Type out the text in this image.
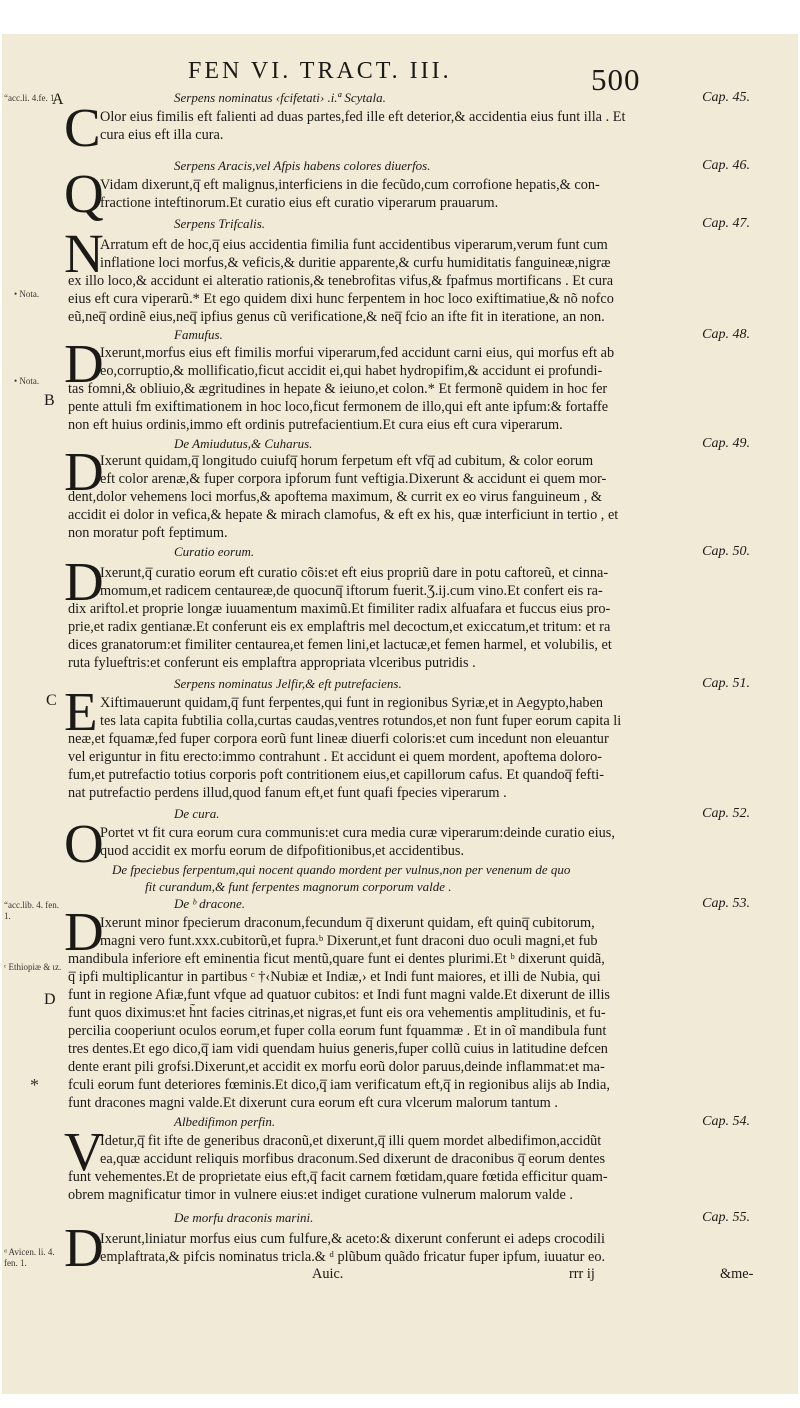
FEN VI. TRACT. III.	500
“acc.li. 4.fe. 1.
A
• Nota.
• Nota.
B
“acc.lib. 4. fen. 1.
ᶜ Ethiopiæ & ιz.
D
*
ᵈ Avicen. li. 4. fen. 1.
Serpens nominatus ‹fcifetati› .i.ª Scytala.	Cap. 45.
C Olor eius fimilis eft falienti ad duas partes,fed ille eft deterior,& accidentia eius funt illa . Et
cura eius eft illa cura.
Serpens Aracis,vel Afpis habens colores diuerfos.	Cap. 46.
Q
Vidam dixerunt,q̅ eft malignus,interficiens in die fecũdo,cum corrofione hepatis,& con-
fractione inteftinorum.Et curatio eius eft curatio viperarum prauarum.
Serpens Trifcalis.	Cap. 47.
N
Arratum eft de hoc,q̅ eius accidentia fimilia funt accidentibus viperarum,verum funt cum
inflatione loci morfus,& veficis,& duritie apparente,& curfu humiditatis fanguineæ,nigræ
ex illo loco,& accidunt ei alteratio rationis,& tenebrofitas vifus,& fpafmus mortificans . Et cura
eius eft cura viperarũ.* Et ego quidem dixi hunc ferpentem in hoc loco exiftimatiue,& nõ nofco
eũ,neq̅ ordinẽ eius,neq̅ ipfius genus cũ verificatione,& neq̅ fcio an ifte fit in iteratione, an non.
Famufus.	Cap. 48.
D
Ixerunt,morfus eius eft fimilis morfui viperarum,fed accidunt carni eius, qui morfus eft ab
eo,corruptio,& mollificatio,ficut accidit ei,qui habet hydropifim,& accidunt ei profundi-
tas fomni,& obliuio,& ægritudines in hepate & ieiuno,et colon.* Et fermonẽ quidem in hoc fer
pente attuli fm exiftimationem in hoc loco,ficut fermonem de illo,qui eft ante ipfum:& fortaffe
non eft huius ordinis,immo eft ordinis putrefacientium.Et cura eius eft cura viperarum.
De Amiudutus,& Cuharus.	Cap. 49.
D
Ixerunt quidam,q̅ longitudo cuiufq̅ horum ferpetum eft vfq̅ ad cubitum, & color eorum
eft color arenæ,& fuper corpora ipforum funt veftigia.Dixerunt & accidunt ei quem mor-
dent,dolor vehemens loci morfus,& apoftema maximum, & currit ex eo virus fanguineum , &
accidit ei dolor in vefica,& hepate & mirach clamofus, & eft ex his, quæ interficiunt in tertio , et
non moratur poft feptimum.
Curatio eorum.	Cap. 50.
D
Ixerunt,q̅ curatio eorum eft curatio cõis:et eft eius propriũ dare in potu caftoreũ, et cinna-
momum,et radicem centaureæ,de quocunq̅ iftorum fuerit.Ʒ.ij.cum vino.Et confert eis ra-
dix ariftol.et proprie longæ iuuamentum maximũ.Et fimiliter radix alfuafara et fuccus eius pro-
prie,et radix gentianæ.Et conferunt eis ex emplaftris mel decoctum,et exiccatum,et tritum: et ra
dices granatorum:et fimiliter centaurea,et femen lini,et lactucæ,et femen harmel, et volubilis, et
ruta fylueftris:et conferunt eis emplaftra appropriata vlceribus putridis .
Serpens nominatus Jelfir,& eft putrefaciens.	Cap. 51.
C E Xiftimauerunt quidam,q̅ funt ferpentes,qui funt in regionibus Syriæ,et in Aegypto,haben
tes lata capita fubtilia colla,curtas caudas,ventres rotundos,et non funt fuper eorum capita li
neæ,et fquamæ,fed fuper corpora eorũ funt lineæ diuerfi coloris:et cum incedunt non eleuantur
vel eriguntur in fitu erecto:immo contrahunt . Et accidunt ei quem mordent, apoftema doloro-
fum,et putrefactio totius corporis poft contritionem eius,et capillorum cafus. Et quandoq̅ fefti-
nat putrefactio perdens illud,quod fanum eft,et funt quafi fpecies viperarum .
De cura.	Cap. 52.
O
Portet vt fit cura eorum cura communis:et cura media curæ viperarum:deinde curatio eius,
quod accidit ex morfu eorum de difpofitionibus,et accidentibus.
De fpeciebus ferpentum,qui nocent quando mordent per vulnus,non per venenum de quo
fit curandum,& funt ferpentes magnorum corporum valde .
De ᵇ dracone.	Cap. 53.
D
Ixerunt minor fpecierum draconum,fecundum q̅ dixerunt quidam, eft quinq̅ cubitorum,
magni vero funt.xxx.cubitorũ,et fupra.ᵇ Dixerunt,et funt draconi duo oculi magni,et fub
mandibula inferiore eft eminentia ficut mentũ,quare funt ei dentes plurimi.Et ᵇ dixerunt quidã,
q̅ ipfi multiplicantur in partibus ᶜ †‹Nubiæ et Indiæ,› et Indi funt maiores, et illi de Nubia, qui
funt in regione Afiæ,funt vfque ad quatuor cubitos: et Indi funt magni valde.Et dixerunt de illis
funt quos diximus:et h̃nt facies citrinas,et nigras,et funt eis ora vehementis amplitudinis, et fu-
percilia cooperiunt oculos eorum,et fuper colla eorum funt fquammæ . Et in oĩ mandibula funt
tres dentes.Et ego dico,q̅ iam vidi quendam huius generis,fuper collũ cuius in latitudine defcen
dente erant pili grofsi.Dixerunt,et accidit ex morfu eorũ dolor paruus,deinde inflammat:et ma-
fculi eorum funt deteriores fœminis.Et dico,q̅ iam verificatum eft,q̅ in regionibus alijs ab India,
funt dracones magni valde.Et dixerunt cura eorum eft cura vlcerum malorum tantum .
Albedifimon perfin.	Cap. 54.
V
Idetur,q̅ fit ifte de generibus draconũ,et dixerunt,q̅ illi quem mordet albedifimon,accidũt
ea,quæ accidunt reliquis morfibus draconum.Sed dixerunt de draconibus q̅ eorum dentes
funt vehementes.Et de proprietate eius eft,q̅ facit carnem fœtidam,quare fœtida efficitur quam-
obrem magnificatur timor in vulnere eius:et indiget curatione vulnerum malorum valde .
De morfu draconis marini.	Cap. 55.
D
Ixerunt,liniatur morfus eius cum fulfure,& aceto:& dixerunt conferunt ei adeps crocodili
emplaftrata,& pifcis nominatus tricla.& ᵈ plũbum quãdo fricatur fuper ipfum, iuuatur eo.
Auic.	rrr ij	&me-
